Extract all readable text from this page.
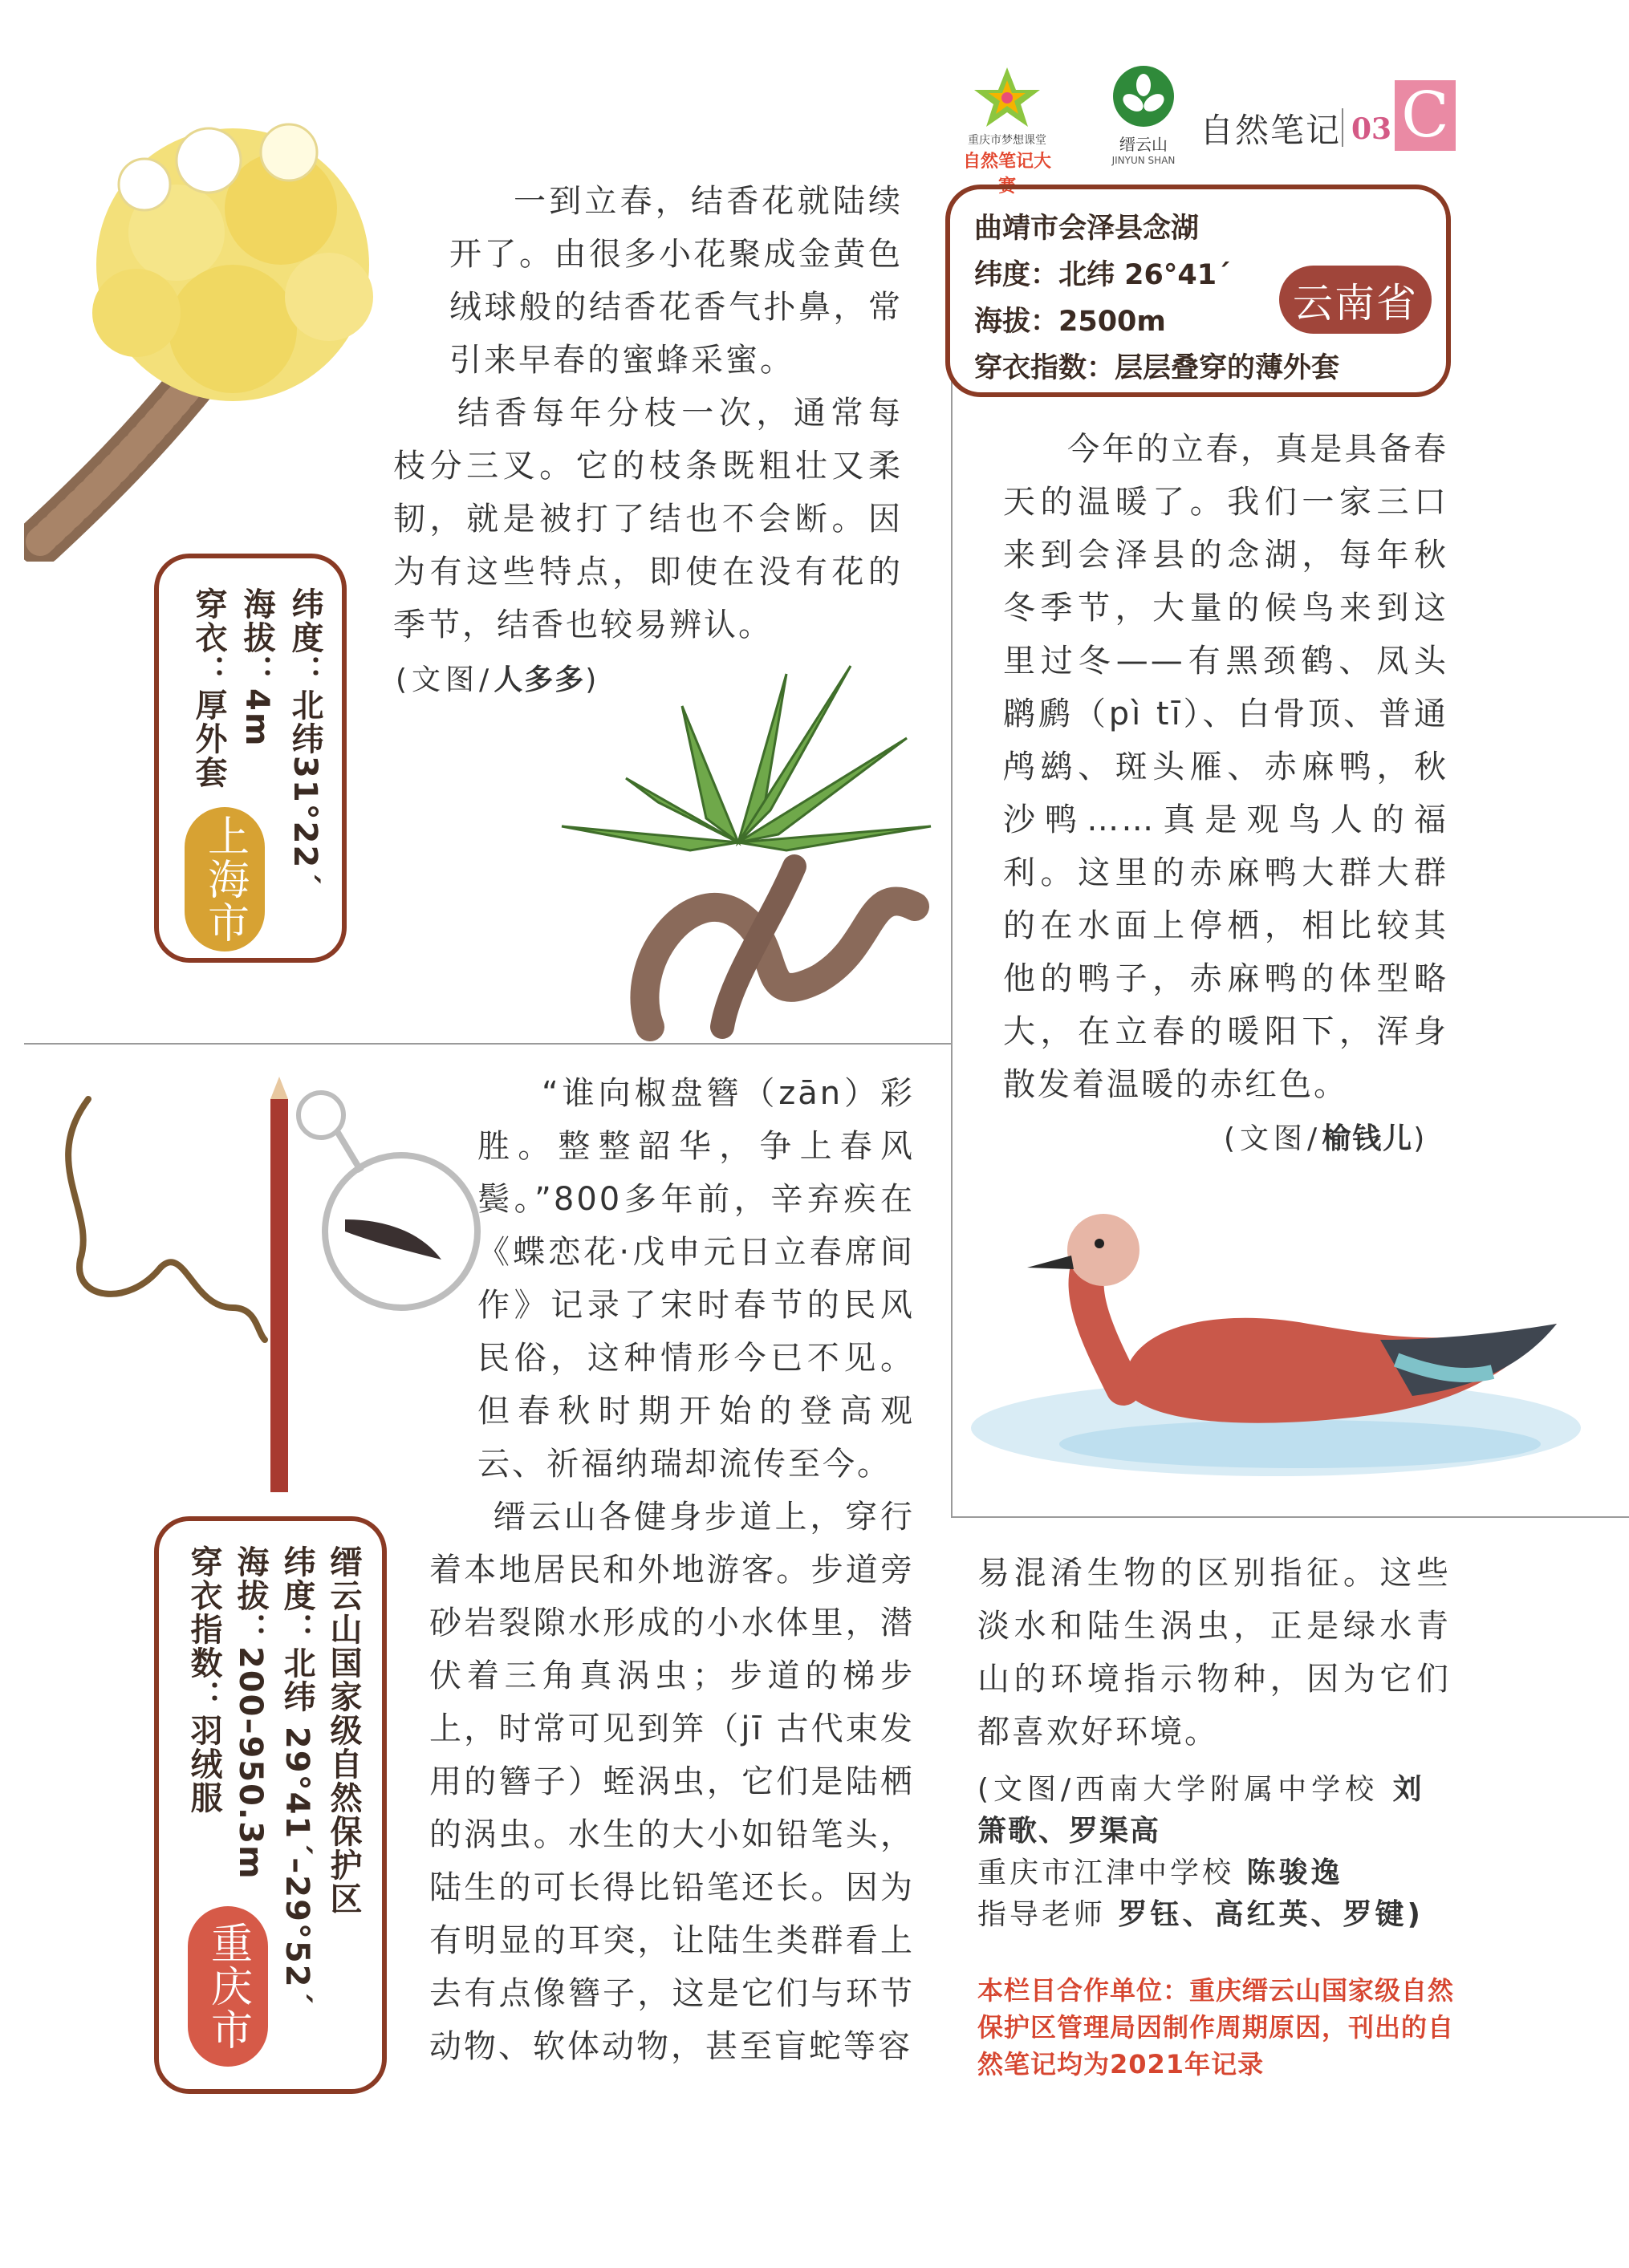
重庆市梦想课堂
自然笔记大赛
缙云山
JINYUN SHAN
自然笔记 03 C

一到立春，结香花就陆续开了。由很多小花聚成金黄色绒球般的结香花香气扑鼻，常引来早春的蜜蜂采蜜。

结香每年分枝一次，通常每枝分三叉。它的枝条既粗壮又柔韧，就是被打了结也不会断。因为有这些特点，即使在没有花的季节，结香也较易辨认。

(文图/人多多)
纬度：北纬31°22´
海拔：4m
穿衣：厚外套
上海市
曲靖市会泽县念湖
纬度：北纬 26°41´
海拔：2500m
穿衣指数：层层叠穿的薄外套
云南省

今年的立春，真是具备春天的温暖了。我们一家三口来到会泽县的念湖，每年秋冬季节，大量的候鸟来到这里过冬——有黑颈鹤、凤头䴙䴘（pì tī）、白骨顶、普通鸬鹚、斑头雁、赤麻鸭，秋沙鸭……真是观鸟人的福利。这里的赤麻鸭大群大群的在水面上停栖，相比较其他的鸭子，赤麻鸭的体型略大，在立春的暖阳下，浑身散发着温暖的赤红色。

(文图/榆钱儿)

“谁向椒盘簪（zān）彩胜。整整韶华，争上春风鬓。”800多年前，辛弃疾在《蝶恋花·戊申元日立春席间作》记录了宋时春节的民风民俗，这种情形今已不见。但春秋时期开始的登高观云、祈福纳瑞却流传至今。

缙云山各健身步道上，穿行着本地居民和外地游客。步道旁砂岩裂隙水形成的小水体里，潜伏着三角真涡虫；步道的梯步上，时常可见到笄（jī 古代束发用的簪子）蛭涡虫，它们是陆栖的涡虫。水生的大小如铅笔头，陆生的可长得比铅笔还长。因为有明显的耳突，让陆生类群看上去有点像簪子，这是它们与环节动物、软体动物，甚至盲蛇等容

缙云山国家级自然保护区
纬度：北纬 29°41´–29°52´
海拔：200–950.3m
穿衣指数：羽绒服
重庆市

易混淆生物的区别指征。这些淡水和陆生涡虫，正是绿水青山的环境指示物种，因为它们都喜欢好环境。

(文图/西南大学附属中学校 刘
箫歌、罗渠高
重庆市江津中学校 陈骏逸
指导老师 罗钰、高红英、罗键)
本栏目合作单位：重庆缙云山国家级自然保护区管理局因制作周期原因，刊出的自然笔记均为2021年记录
